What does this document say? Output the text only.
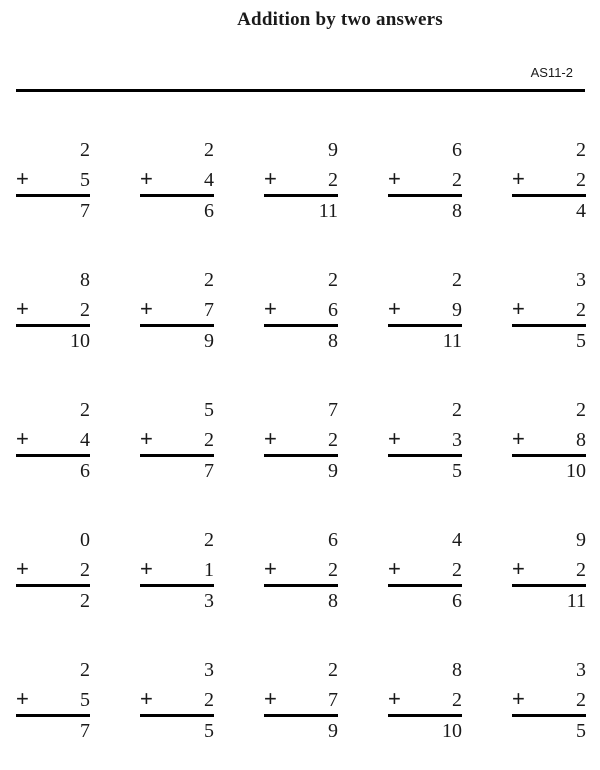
Addition by two answers
AS11-2
2
+	5
7
2
+	4
6
9
+	2
11
6
+	2
8
2
+	2
4
8
+	2
10
2
+	7
9
2
+	6
8
2
+	9
11
3
+	2
5
2
+	4
6
5
+	2
7
7
+	2
9
2
+	3
5
2
+	8
10
0
+	2
2
2
+	1
3
6
+	2
8
4
+	2
6
9
+	2
11
2
+	5
7
3
+	2
5
2
+	7
9
8
+	2
10
3
+	2
5
